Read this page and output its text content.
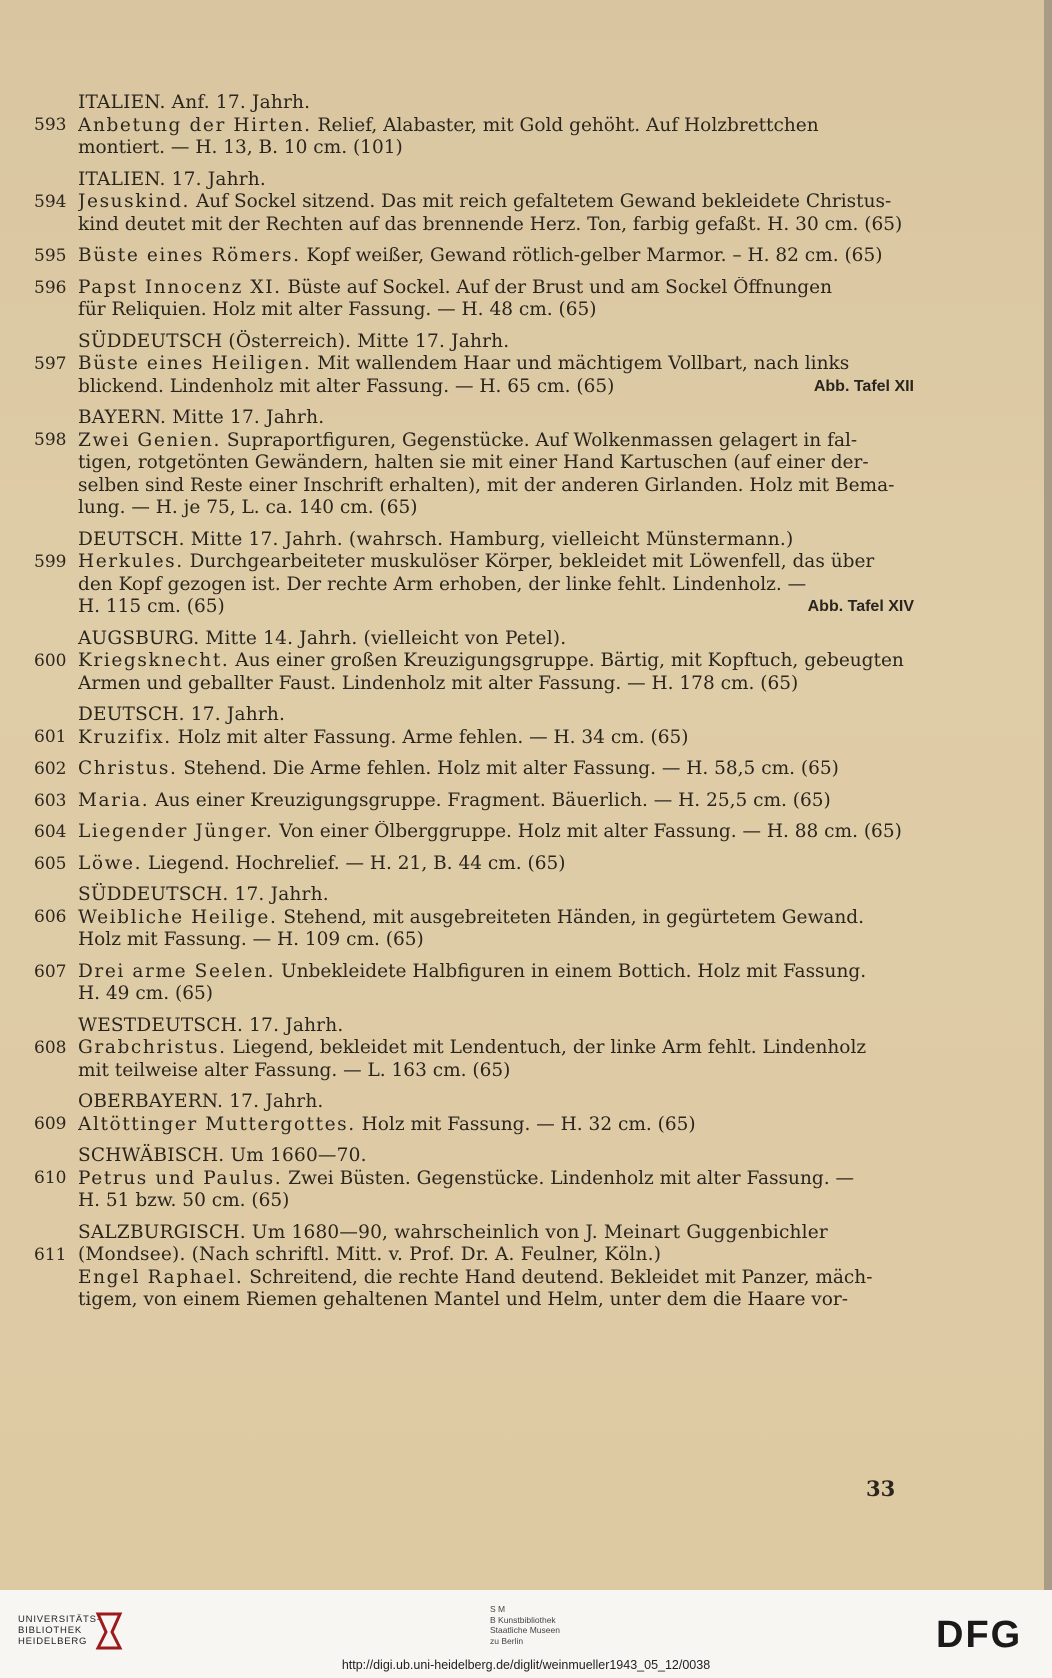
593
ITALIEN. Anf. 17. Jahrh.
Anbetung der Hirten. Relief, Alabaster, mit Gold gehöht. Auf Holzbrettchen
montiert. — H. 13, B. 10 cm. (101)
594
ITALIEN. 17. Jahrh.
Jesuskind. Auf Sockel sitzend. Das mit reich gefaltetem Gewand bekleidete Christus-
kind deutet mit der Rechten auf das brennende Herz. Ton, farbig gefaßt. H. 30 cm. (65)
595 Büste eines Römers. Kopf weißer, Gewand rötlich-gelber Marmor. – H. 82 cm. (65)
596 Papst Innocenz XI. Büste auf Sockel. Auf der Brust und am Sockel Öffnungen
für Reliquien. Holz mit alter Fassung. — H. 48 cm. (65)
597
SÜDDEUTSCH (Österreich). Mitte 17. Jahrh.
Büste eines Heiligen. Mit wallendem Haar und mächtigem Vollbart, nach links
blickend. Lindenholz mit alter Fassung. — H. 65 cm. (65)	Abb. Tafel XII
598
BAYERN. Mitte 17. Jahrh.
Zwei Genien. Supraportfiguren, Gegenstücke. Auf Wolkenmassen gelagert in fal-
tigen, rotgetönten Gewändern, halten sie mit einer Hand Kartuschen (auf einer der-
selben sind Reste einer Inschrift erhalten), mit der anderen Girlanden. Holz mit Bema-
lung. — H. je 75, L. ca. 140 cm. (65)
599
DEUTSCH. Mitte 17. Jahrh. (wahrsch. Hamburg, vielleicht Münstermann.)
Herkules. Durchgearbeiteter muskulöser Körper, bekleidet mit Löwenfell, das über
den Kopf gezogen ist. Der rechte Arm erhoben, der linke fehlt. Lindenholz. —
H. 115 cm. (65)	Abb. Tafel XIV
600
AUGSBURG. Mitte 14. Jahrh. (vielleicht von Petel).
Kriegsknecht. Aus einer großen Kreuzigungsgruppe. Bärtig, mit Kopftuch, gebeugten
Armen und geballter Faust. Lindenholz mit alter Fassung. — H. 178 cm. (65)
601
DEUTSCH. 17. Jahrh.
Kruzifix. Holz mit alter Fassung. Arme fehlen. — H. 34 cm. (65)
602 Christus. Stehend. Die Arme fehlen. Holz mit alter Fassung. — H. 58,5 cm. (65)
603 Maria. Aus einer Kreuzigungsgruppe. Fragment. Bäuerlich. — H. 25,5 cm. (65)
604 Liegender Jünger. Von einer Ölberggruppe. Holz mit alter Fassung. — H. 88 cm. (65)
605 Löwe. Liegend. Hochrelief. — H. 21, B. 44 cm. (65)
606
SÜDDEUTSCH. 17. Jahrh.
Weibliche Heilige. Stehend, mit ausgebreiteten Händen, in gegürtetem Gewand.
Holz mit Fassung. — H. 109 cm. (65)
607 Drei arme Seelen. Unbekleidete Halbfiguren in einem Bottich. Holz mit Fassung.
H. 49 cm. (65)
608
WESTDEUTSCH. 17. Jahrh.
Grabchristus. Liegend, bekleidet mit Lendentuch, der linke Arm fehlt. Lindenholz
mit teilweise alter Fassung. — L. 163 cm. (65)
609
OBERBAYERN. 17. Jahrh.
Altöttinger Muttergottes. Holz mit Fassung. — H. 32 cm. (65)
610
SCHWÄBISCH. Um 1660—70.
Petrus und Paulus. Zwei Büsten. Gegenstücke. Lindenholz mit alter Fassung. —
H. 51 bzw. 50 cm. (65)
611
SALZBURGISCH. Um 1680—90, wahrscheinlich von J. Meinart Guggenbichler
(Mondsee). (Nach schriftl. Mitt. v. Prof. Dr. A. Feulner, Köln.)
Engel Raphael. Schreitend, die rechte Hand deutend. Bekleidet mit Panzer, mäch-
tigem, von einem Riemen gehaltenen Mantel und Helm, unter dem die Haare vor-
33
UNIVERSITÄTS-
BIBLIOTHEK
HEIDELBERG
S M
B Kunstbibliothek
Staatliche Museen
zu Berlin	DFG
http://digi.ub.uni-heidelberg.de/diglit/weinmueller1943_05_12/0038
